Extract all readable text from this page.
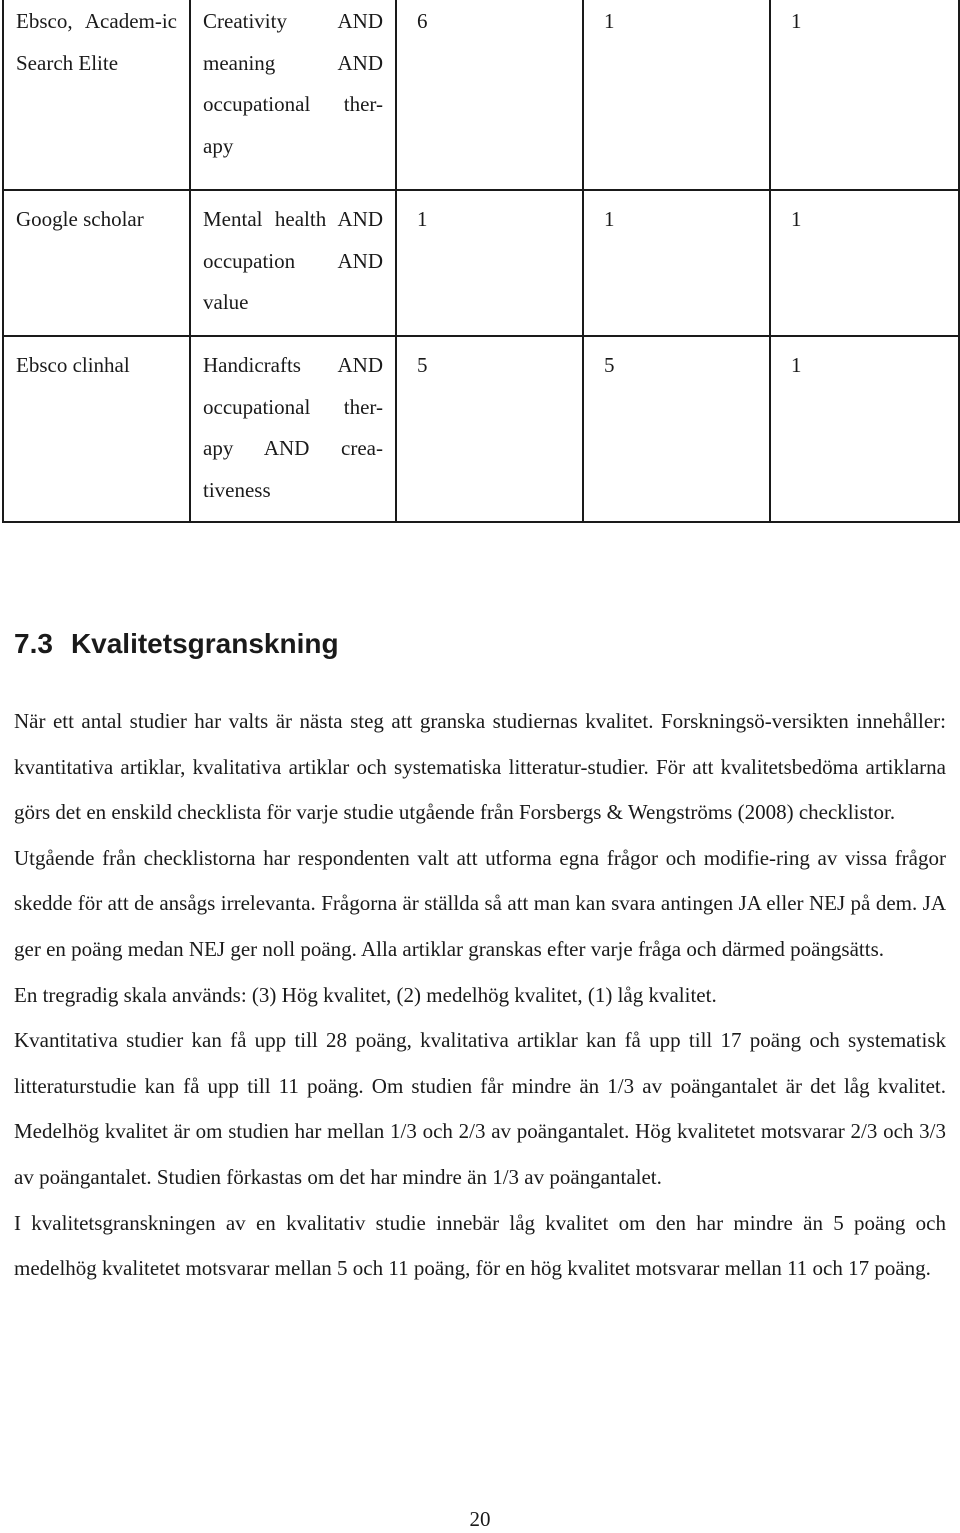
Ebsco, Academ-ic Search Elite	Creativity AND meaning AND occupational ther-apy	6	1	1

Google scholar	Mental health AND occupation AND value	1	1	1

Ebsco clinhal	Handicrafts AND occupational ther-apy AND crea-tiveness	5	5	1
7.3 Kvalitetsgranskning

När ett antal studier har valts är nästa steg att granska studiernas kvalitet. Forskningsö-versikten innehåller: kvantitativa artiklar, kvalitativa artiklar och systematiska litteratur-studier. För att kvalitetsbedöma artiklarna görs det en enskild checklista för varje studie utgående från Forsbergs & Wengströms (2008) checklistor.

Utgående från checklistorna har respondenten valt att utforma egna frågor och modifie-ring av vissa frågor skedde för att de ansågs irrelevanta. Frågorna är ställda så att man kan svara antingen JA eller NEJ på dem. JA ger en poäng medan NEJ ger noll poäng. Alla artiklar granskas efter varje fråga och därmed poängsätts.

En tregradig skala används: (3) Hög kvalitet, (2) medelhög kvalitet, (1) låg kvalitet.

Kvantitativa studier kan få upp till 28 poäng, kvalitativa artiklar kan få upp till 17 poäng och systematisk litteraturstudie kan få upp till 11 poäng. Om studien får mindre än 1/3 av poängantalet är det låg kvalitet. Medelhög kvalitet är om studien har mellan 1/3 och 2/3 av poängantalet. Hög kvalitetet motsvarar 2/3 och 3/3 av poängantalet. Studien förkastas om det har mindre än 1/3 av poängantalet.

I kvalitetsgranskningen av en kvalitativ studie innebär låg kvalitet om den har mindre än 5 poäng och medelhög kvalitetet motsvarar mellan 5 och 11 poäng, för en hög kvalitet motsvarar mellan 11 och 17 poäng.

20
